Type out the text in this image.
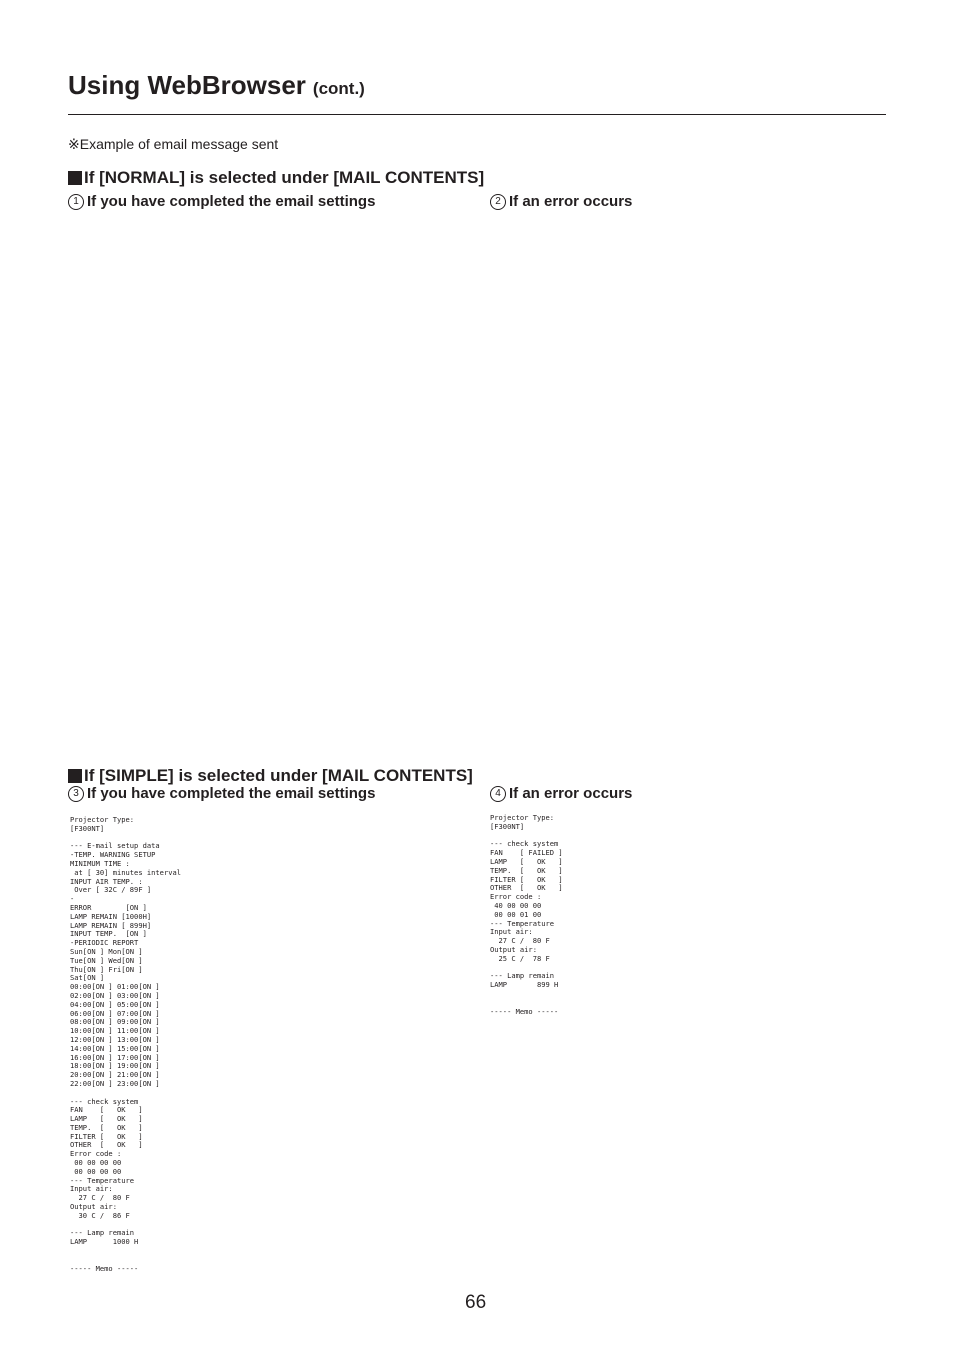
Using WebBrowser (cont.)
※Example of email message sent
If [NORMAL] is selected under [MAIL CONTENTS]
1 If you have completed the email settings	2 If an error occurs
If [SIMPLE] is selected under [MAIL CONTENTS]
3 If you have completed the email settings	4 If an error occurs
Projector Type:
[F300NT]

--- E-mail setup data
-TEMP. WARNING SETUP
MINIMUM TIME :
at [ 30] minutes interval
INPUT AIR TEMP. :
Over [ 32C / 89F ]
-
ERROR        [ON ]
LAMP REMAIN [1000H]
LAMP REMAIN [ 899H]
INPUT TEMP.  [ON ]
-PERIODIC REPORT
Sun[ON ] Mon[ON ]
Tue[ON ] Wed[ON ]
Thu[ON ] Fri[ON ]
Sat[ON ]
00:00[ON ] 01:00[ON ]
02:00[ON ] 03:00[ON ]
04:00[ON ] 05:00[ON ]
06:00[ON ] 07:00[ON ]
08:00[ON ] 09:00[ON ]
10:00[ON ] 11:00[ON ]
12:00[ON ] 13:00[ON ]
14:00[ON ] 15:00[ON ]
16:00[ON ] 17:00[ON ]
18:00[ON ] 19:00[ON ]
20:00[ON ] 21:00[ON ]
22:00[ON ] 23:00[ON ]

--- check system
FAN    [   OK   ]
LAMP   [   OK   ]
TEMP.  [   OK   ]
FILTER [   OK   ]
OTHER  [   OK   ]
Error code :
00 00 00 00
00 00 00 00
--- Temperature
Input air:
27 C /  80 F
Output air:
30 C /  86 F

--- Lamp remain
LAMP      1000 H

----- Memo -----
Projector Type:
[F300NT]

--- check system
FAN    [ FAILED ]
LAMP   [   OK   ]
TEMP.  [   OK   ]
FILTER [   OK   ]
OTHER  [   OK   ]
Error code :
40 00 00 00
00 00 01 00
--- Temperature
Input air:
27 C /  80 F
Output air:
25 C /  78 F

--- Lamp remain
LAMP       899 H

----- Memo -----
66
